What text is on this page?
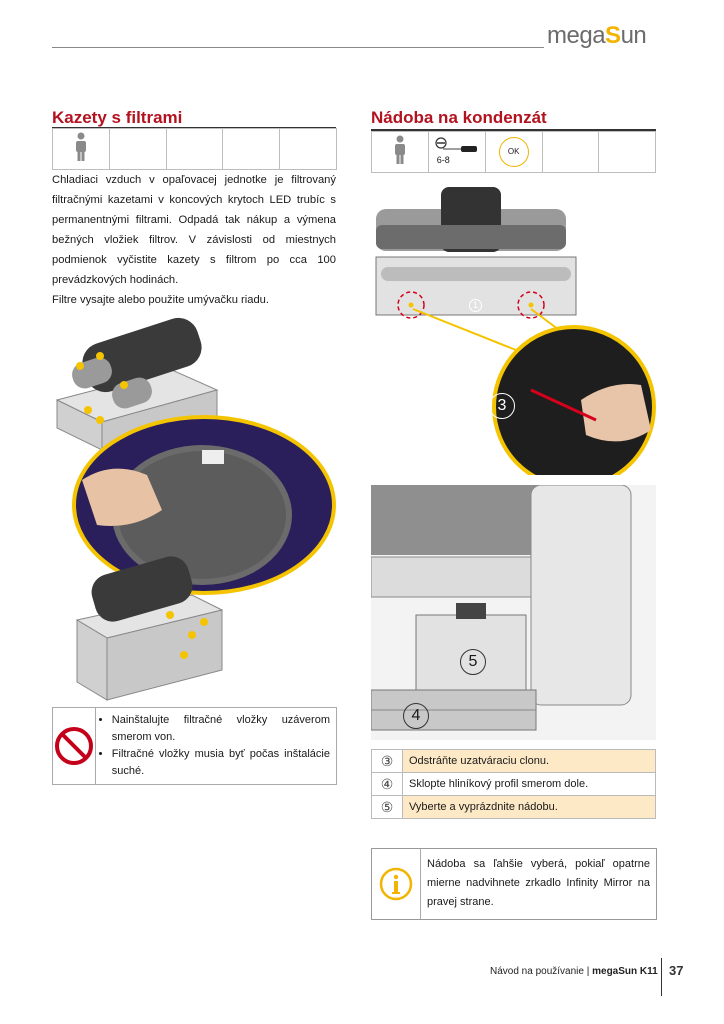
megaSun
Kazety s filtrami

Chladiaci vzduch v opaľovacej jednotke je filtrovaný filtračnými kazetami v koncových krytoch LED trubíc s permanentnými filtrami. Odpadá tak nákup a výmena bežných vložiek filtrov. V závislosti od miestnych podmienok vyčistite kazety s filtrom po cca 100 prevádzkových hodinách.

Filtre vysajte alebo použite umývačku riadu.

• Nainštalujte filtračné vložky uzáverom smerom von.
• Filtračné vložky musia byť počas inštalácie suché.
Nádoba na kondenzát

6-8
	OK		
1
3
5
4
③	Odstráňte uzatváraciu clonu.
④	Sklopte hliníkový profil smerom dole.
⑤	Vyberte a vyprázdnite nádobu.
Nádoba sa ľahšie vyberá, pokiaľ opatrne mierne nadvihnete zrkadlo Infinity Mirror na pravej strane.
Návod na používanie | megaSun K11 37
